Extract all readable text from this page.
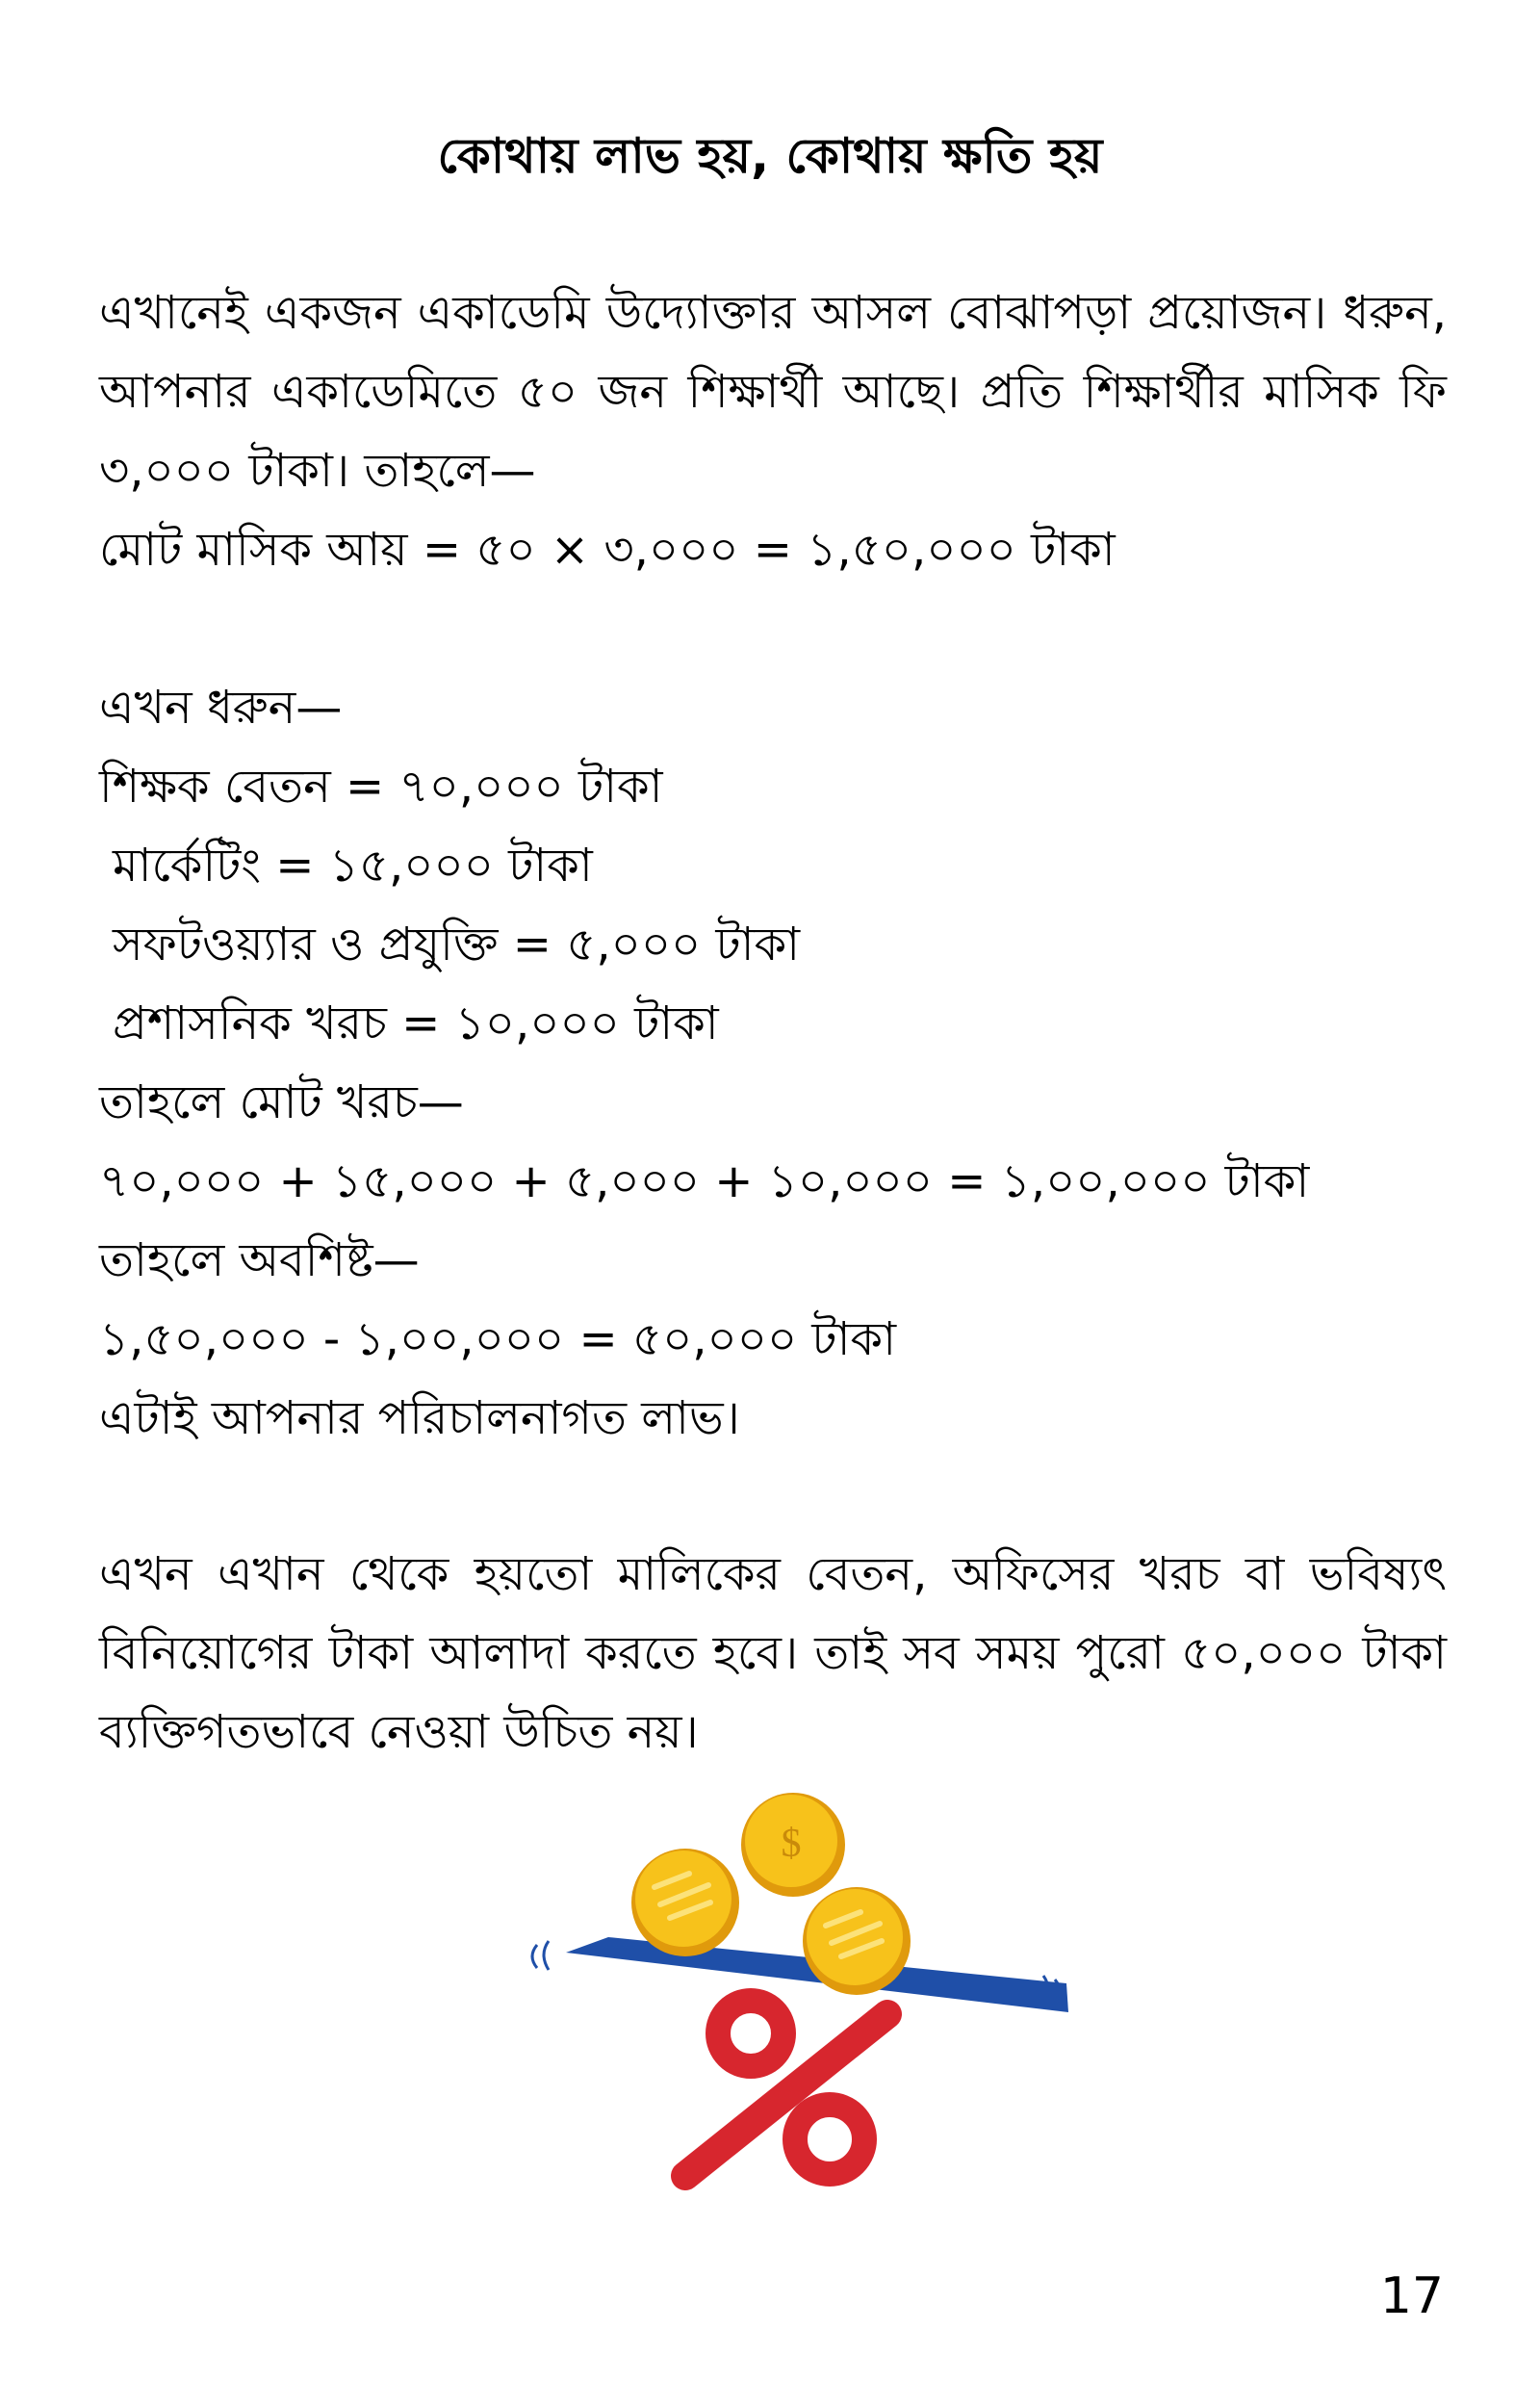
কোথায় লাভ হয়, কোথায় ক্ষতি হয়

এখানেই একজন একাডেমি উদ্যোক্তার আসল বোঝাপড়া প্রয়োজন। ধরুন, আপনার একাডেমিতে ৫০ জন শিক্ষার্থী আছে। প্রতি শিক্ষার্থীর মাসিক ফি ৩,০০০ টাকা। তাহলে—

মোট মাসিক আয় = ৫০ × ৩,০০০ = ১,৫০,০০০ টাকা

এখন ধরুন—
শিক্ষক বেতন = ৭০,০০০ টাকা
মার্কেটিং = ১৫,০০০ টাকা
সফটওয়্যার ও প্রযুক্তি = ৫,০০০ টাকা
প্রশাসনিক খরচ = ১০,০০০ টাকা
তাহলে মোট খরচ—
৭০,০০০ + ১৫,০০০ + ৫,০০০ + ১০,০০০ = ১,০০,০০০ টাকা
তাহলে অবশিষ্ট—
১,৫০,০০০ - ১,০০,০০০ = ৫০,০০০ টাকা
এটাই আপনার পরিচালনাগত লাভ।

এখন এখান থেকে হয়তো মালিকের বেতন, অফিসের খরচ বা ভবিষ্যৎ বিনিয়োগের টাকা আলাদা করতে হবে। তাই সব সময় পুরো ৫০,০০০ টাকা ব্যক্তিগতভাবে নেওয়া উচিত নয়।

$
17
